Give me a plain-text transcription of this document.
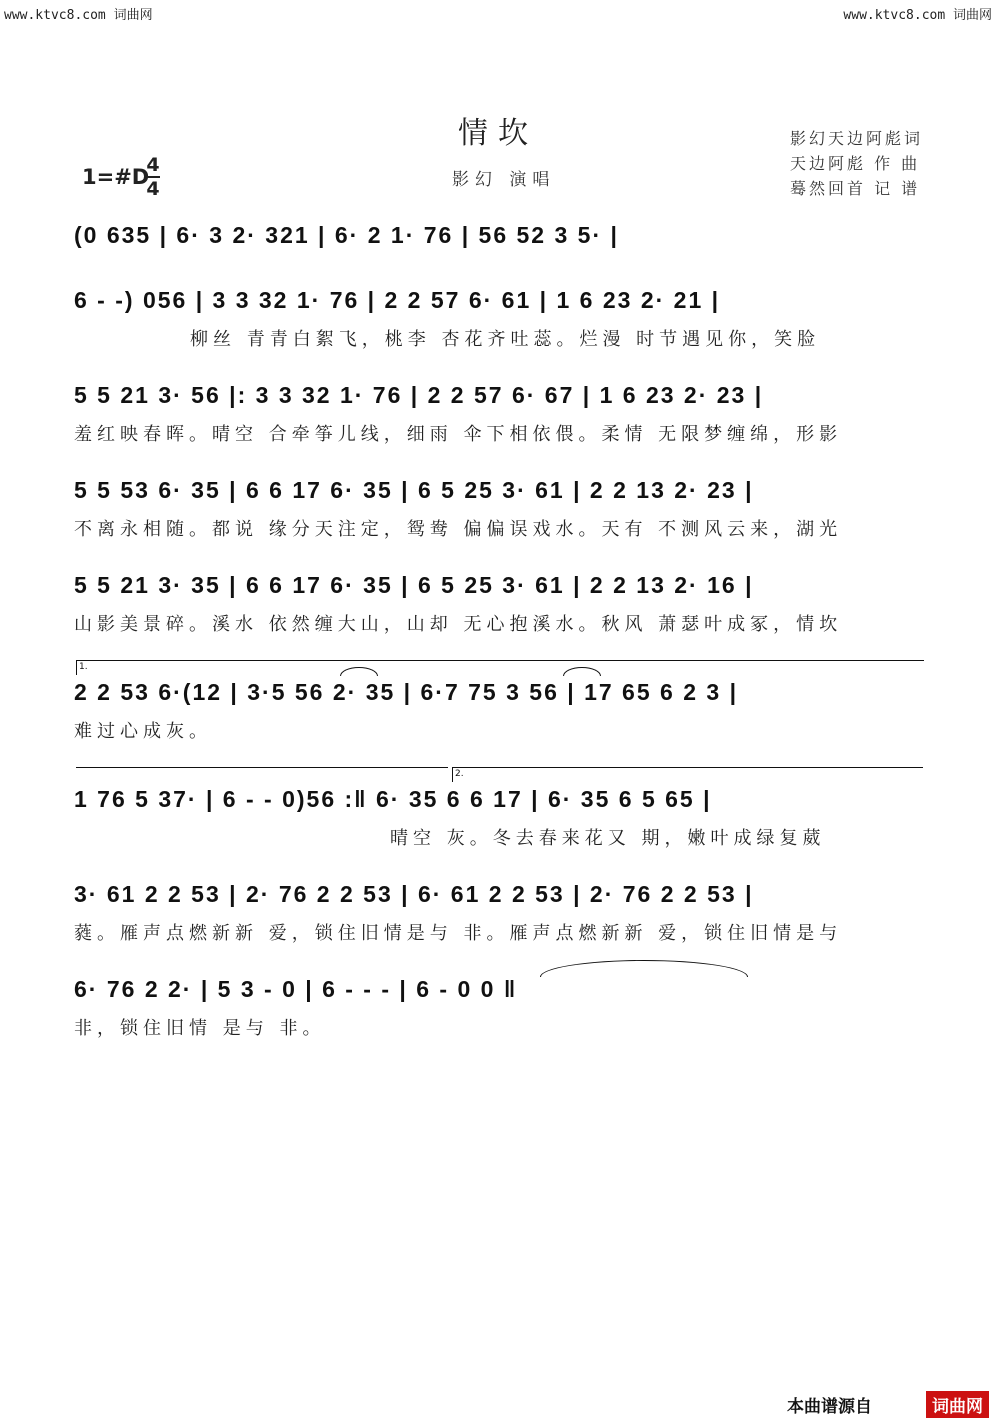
www.ktvc8.com 词曲网	www.ktvc8.com 词曲网
情坎
影幻 演唱
1=#D
4
4
影幻天边阿彪词
天边阿彪 作 曲
蓦然回首 记 谱
(0 635 | 6· 3 2· 321 | 6· 2 1· 76 | 56 52 3 5· |
6 - -) 056 | 3 3 32 1· 76 | 2 2 57 6· 61 | 1 6 23 2· 21 |
柳丝 青青白絮飞，桃李 杏花齐吐蕊。烂漫 时节遇见你，笑脸
5 5 21 3· 56 |: 3 3 32 1· 76 | 2 2 57 6· 67 | 1 6 23 2· 23 |
羞红映春晖。晴空 合牵筝儿线，细雨 伞下相依偎。柔情 无限梦缠绵，形影
5 5 53 6· 35 | 6 6 17 6· 35 | 6 5 25 3· 61 | 2 2 13 2· 23 |
不离永相随。都说 缘分天注定，鸳鸯 偏偏误戏水。天有 不测风云来，湖光
5 5 21 3· 35 | 6 6 17 6· 35 | 6 5 25 3· 61 | 2 2 13 2· 16 |
山影美景碎。溪水 依然缠大山，山却 无心抱溪水。秋风 萧瑟叶成冢，情坎
1.
2 2 53 6·(12 | 3·5 56 2· 35 | 6·7 75 3 56 | 17 65 6 2 3 |
难过心成灰。
2.
1 76 5 37· | 6 - - 0)56 :‖ 6· 35 6 6 17 | 6· 35 6 5 65 |
晴空 灰。冬去春来花又 期，嫩叶成绿复葳
3· 61 2 2 53 | 2· 76 2 2 53 | 6· 61 2 2 53 | 2· 76 2 2 53 |
蕤。雁声点燃新新 爱，锁住旧情是与 非。雁声点燃新新 爱，锁住旧情是与
6· 76 2 2· | 5 3 - 0 | 6 - - - | 6 - 0 0 ‖
非，锁住旧情 是与 非。
本曲谱源自	词曲网
